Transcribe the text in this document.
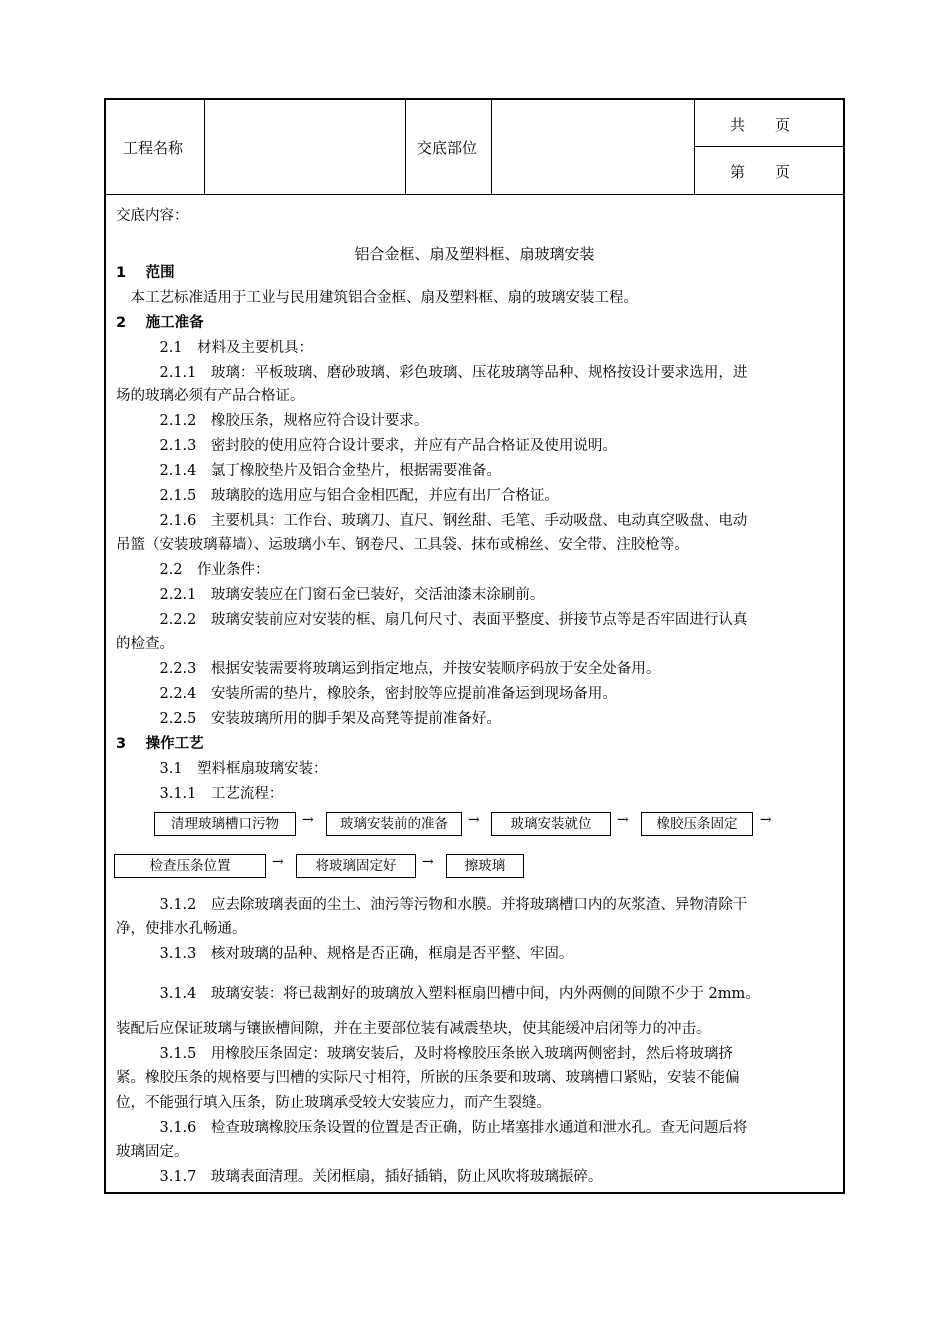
工程名称	交底部位
共　　页
第　　页
交底内容：
铝合金框、扇及塑料框、扇玻璃安装
1　 范围
　本工艺标准适用于工业与民用建筑铝合金框、扇及塑料框、扇的玻璃安装工程。
2　 施工准备
　　　2.1　材料及主要机具：
　　　2.1.1　玻璃：平板玻璃、磨砂玻璃、彩色玻璃、压花玻璃等品种、规格按设计要求选用，进
场的玻璃必须有产品合格证。
　　　2.1.2　橡胶压条，规格应符合设计要求。
　　　2.1.3　密封胶的使用应符合设计要求，并应有产品合格证及使用说明。
　　　2.1.4　氯丁橡胶垫片及铝合金垫片，根据需要准备。
　　　2.1.5　玻璃胶的选用应与铝合金相匹配，并应有出厂合格证。
　　　2.1.6　主要机具：工作台、玻璃刀、直尺、钢丝甜、毛笔、手动吸盘、电动真空吸盘、电动
吊篮（安装玻璃幕墙）、运玻璃小车、钢卷尺、工具袋、抹布或棉丝、安全带、注胶枪等。
　　　2.2　作业条件：
　　　2.2.1　玻璃安装应在门窗石金已装好，交活油漆末涂刷前。
　　　2.2.2　玻璃安装前应对安装的框、扇几何尺寸、表面平整度、拼接节点等是否牢固进行认真
的检查。
　　　2.2.3　根据安装需要将玻璃运到指定地点，并按安装顺序码放于安全处备用。
　　　2.2.4　安装所需的垫片，橡胶条，密封胶等应提前准备运到现场备用。
　　　2.2.5　安装玻璃所用的脚手架及高凳等提前准备好。
3　 操作工艺
　　　3.1　塑料框扇玻璃安装：
　　　3.1.1　工艺流程：
清理玻璃槽口污物	→	玻璃安装前的准备	→	玻璃安装就位	→	橡胶压条固定	→
检查压条位置	→	将玻璃固定好	→	擦玻璃
　　　3.1.2　应去除玻璃表面的尘土、油污等污物和水膜。并将玻璃槽口内的灰浆渣、异物清除干
净，使排水孔畅通。
　　　3.1.3　核对玻璃的品种、规格是否正确，框扇是否平整、牢固。
　　　3.1.4　玻璃安装：将已裁割好的玻璃放入塑料框扇凹槽中间，内外两侧的间隙不少于 2mm。
装配后应保证玻璃与镶嵌槽间隙，并在主要部位装有减震垫块，使其能缓冲启闭等力的冲击。
　　　3.1.5　用橡胶压条固定：玻璃安装后，及时将橡胶压条嵌入玻璃两侧密封，然后将玻璃挤
紧。橡胶压条的规格要与凹槽的实际尺寸相符，所嵌的压条要和玻璃、玻璃槽口紧贴，安装不能偏
位，不能强行填入压条，防止玻璃承受较大安装应力，而产生裂缝。
　　　3.1.6　检查玻璃橡胶压条设置的位置是否正确，防止堵塞排水通道和泄水孔。查无问题后将
玻璃固定。
　　　3.1.7　玻璃表面清理。关闭框扇，插好插销，防止风吹将玻璃振碎。
